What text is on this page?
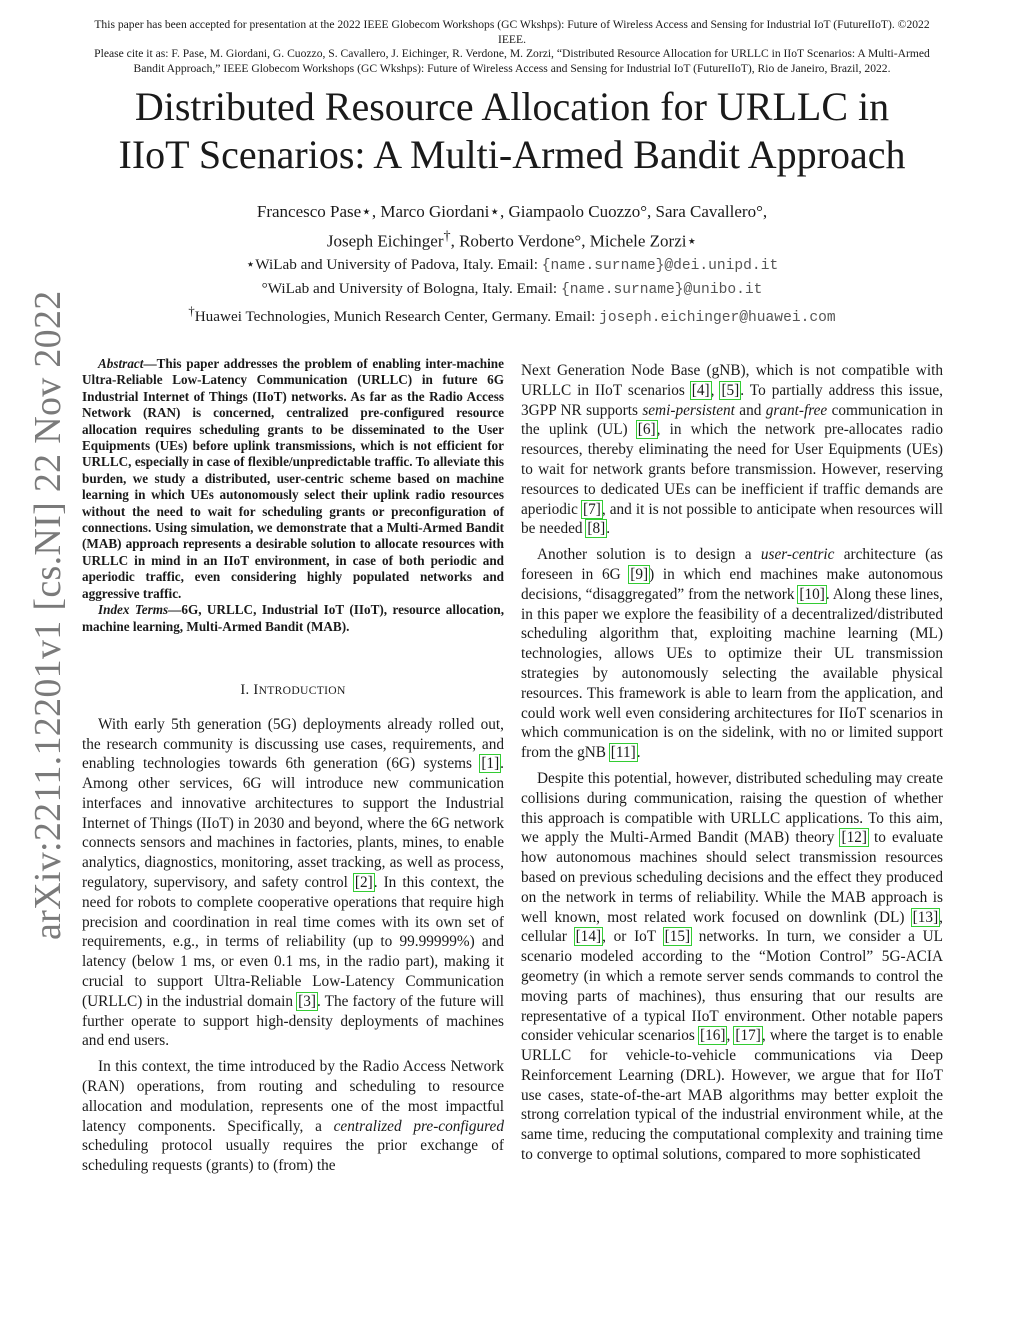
This paper has been accepted for presentation at the 2022 IEEE Globecom Workshops (GC Wkshps): Future of Wireless Access and Sensing for Industrial IoT (FutureIIoT). ©2022 IEEE.

Please cite it as: F. Pase, M. Giordani, G. Cuozzo, S. Cavallero, J. Eichinger, R. Verdone, M. Zorzi, “Distributed Resource Allocation for URLLC in IIoT Scenarios: A Multi-Armed Bandit Approach,” IEEE Globecom Workshops (GC Wkshps): Future of Wireless Access and Sensing for Industrial IoT (FutureIIoT), Rio de Janeiro, Brazil, 2022.

Distributed Resource Allocation for URLLC in
IIoT Scenarios: A Multi-Armed Bandit Approach
Francesco Pase⋆, Marco Giordani⋆, Giampaolo Cuozzo°, Sara Cavallero°,
Joseph Eichinger†, Roberto Verdone°, Michele Zorzi⋆
⋆WiLab and University of Padova, Italy. Email: {name.surname}@dei.unipd.it
°WiLab and University of Bologna, Italy. Email: {name.surname}@unibo.it
†Huawei Technologies, Munich Research Center, Germany. Email: joseph.eichinger@huawei.com
arXiv:2211.12201v1 [cs.NI] 22 Nov 2022	Abstract—This paper addresses the problem of enabling inter-machine Ultra-Reliable Low-Latency Communication (URLLC) in future 6G Industrial Internet of Things (IIoT) networks. As far as the Radio Access Network (RAN) is concerned, centralized pre-configured resource allocation requires scheduling grants to be disseminated to the User Equipments (UEs) before uplink transmissions, which is not efficient for URLLC, especially in case of flexible/unpredictable traffic. To alleviate this burden, we study a distributed, user-centric scheme based on machine learning in which UEs autonomously select their uplink radio resources without the need to wait for scheduling grants or preconfiguration of connections. Using simulation, we demonstrate that a Multi-Armed Bandit (MAB) approach represents a desirable solution to allocate resources with URLLC in mind in an IIoT environment, in case of both periodic and aperiodic traffic, even considering highly populated networks and aggressive traffic.

Index Terms—6G, URLLC, Industrial IoT (IIoT), resource allocation, machine learning, Multi-Armed Bandit (MAB).

I. INTRODUCTION

With early 5th generation (5G) deployments already rolled out, the research community is discussing use cases, requirements, and enabling technologies towards 6th generation (6G) systems [1]. Among other services, 6G will introduce new communication interfaces and innovative architectures to support the Industrial Internet of Things (IIoT) in 2030 and beyond, where the 6G network connects sensors and machines in factories, plants, mines, to enable analytics, diagnostics, monitoring, asset tracking, as well as process, regulatory, supervisory, and safety control [2]. In this context, the need for robots to complete cooperative operations that require high precision and coordination in real time comes with its own set of requirements, e.g., in terms of reliability (up to 99.99999%) and latency (below 1 ms, or even 0.1 ms, in the radio part), making it crucial to support Ultra-Reliable Low-Latency Communication (URLLC) in the industrial domain [3]. The factory of the future will further operate to support high-density deployments of machines and end users.

In this context, the time introduced by the Radio Access Network (RAN) operations, from routing and scheduling to resource allocation and modulation, represents one of the most impactful latency components. Specifically, a centralized pre-configured scheduling protocol usually requires the prior exchange of scheduling requests (grants) to (from) the

Next Generation Node Base (gNB), which is not compatible with URLLC in IIoT scenarios [4], [5]. To partially address this issue, 3GPP NR supports semi-persistent and grant-free communication in the uplink (UL) [6], in which the network pre-allocates radio resources, thereby eliminating the need for User Equipments (UEs) to wait for network grants before transmission. However, reserving resources to dedicated UEs can be inefficient if traffic demands are aperiodic [7], and it is not possible to anticipate when resources will be needed [8].

Another solution is to design a user-centric architecture (as foreseen in 6G [9]) in which end machines make autonomous decisions, “disaggregated” from the network [10]. Along these lines, in this paper we explore the feasibility of a decentralized/distributed scheduling algorithm that, exploiting machine learning (ML) technologies, allows UEs to optimize their UL transmission strategies by autonomously selecting the available physical resources. This framework is able to learn from the application, and could work well even considering architectures for IIoT scenarios in which communication is on the sidelink, with no or limited support from the gNB [11].

Despite this potential, however, distributed scheduling may create collisions during communication, raising the question of whether this approach is compatible with URLLC applications. To this aim, we apply the Multi-Armed Bandit (MAB) theory [12] to evaluate how autonomous machines should select transmission resources based on previous scheduling decisions and the effect they produced on the network in terms of reliability. While the MAB approach is well known, most related work focused on downlink (DL) [13], cellular [14], or IoT [15] networks. In turn, we consider a UL scenario modeled according to the “Motion Control” 5G-ACIA geometry (in which a remote server sends commands to control the moving parts of machines), thus ensuring that our results are representative of a typical IIoT environment. Other notable papers consider vehicular scenarios [16], [17], where the target is to enable URLLC for vehicle-to-vehicle communications via Deep Reinforcement Learning (DRL). However, we argue that for IIoT use cases, state-of-the-art MAB algorithms may better exploit the strong correlation typical of the industrial environment while, at the same time, reducing the computational complexity and training time to converge to optimal solutions, compared to more sophisticated
